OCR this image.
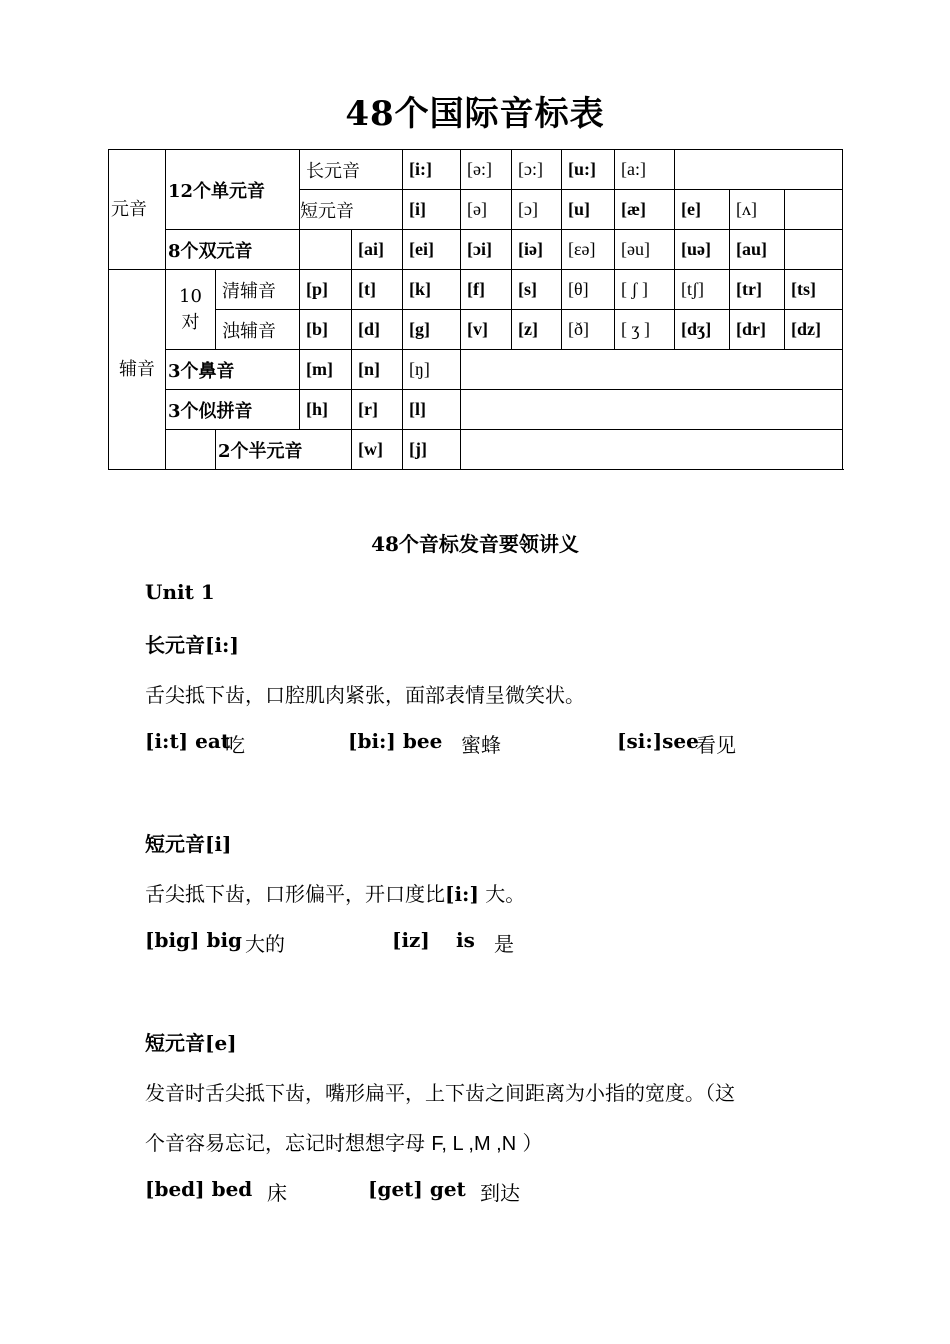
48个国际音标表
元音	12个单元音		长元音		[i:]	[ə:]	[ɔ:]	[u:]	[a:]			
			短元音		[i]	[ə]	[ɔ]	[u]	[æ]	[e]	[ʌ]	
	8个双元音			[ai]	[ei]	[ɔi]	[iə]	[εə]	[əu]	[uə]	[au]	
辅音	10对	清辅音	[p]	[t]	[k]	[f]	[s]	[θ]	[ ʃ ]	[tʃ]	[tr]	[ts]
		浊辅音	[b]	[d]	[g]	[v]	[z]	[ð]	[ ʒ ]	[dʒ]	[dr]	[dz]
	3个鼻音		[m]	[n]	[ŋ]							
	3个似拼音		[h]	[r]	[l]							
		2个半元音		[w]	[j]							
48个音标发音要领讲义
Unit 1
长元音[i:]
舌尖抵下齿，口腔肌肉紧张，面部表情呈微笑状。
[i:t] eat
吃	[bi:] bee 蜜蜂	[si:]see
看见
短元音[i]
舌尖抵下齿，口形偏平，开口度比[i:] 大。
[big] big 大的	[iz] is 是
短元音[e]
发音时舌尖抵下齿，嘴形扁平，上下齿之间距离为小指的宽度。（这
个音容易忘记，忘记时想想字母 F, L ,M ,N ）
[bed] bed 床	[get] get 到达
